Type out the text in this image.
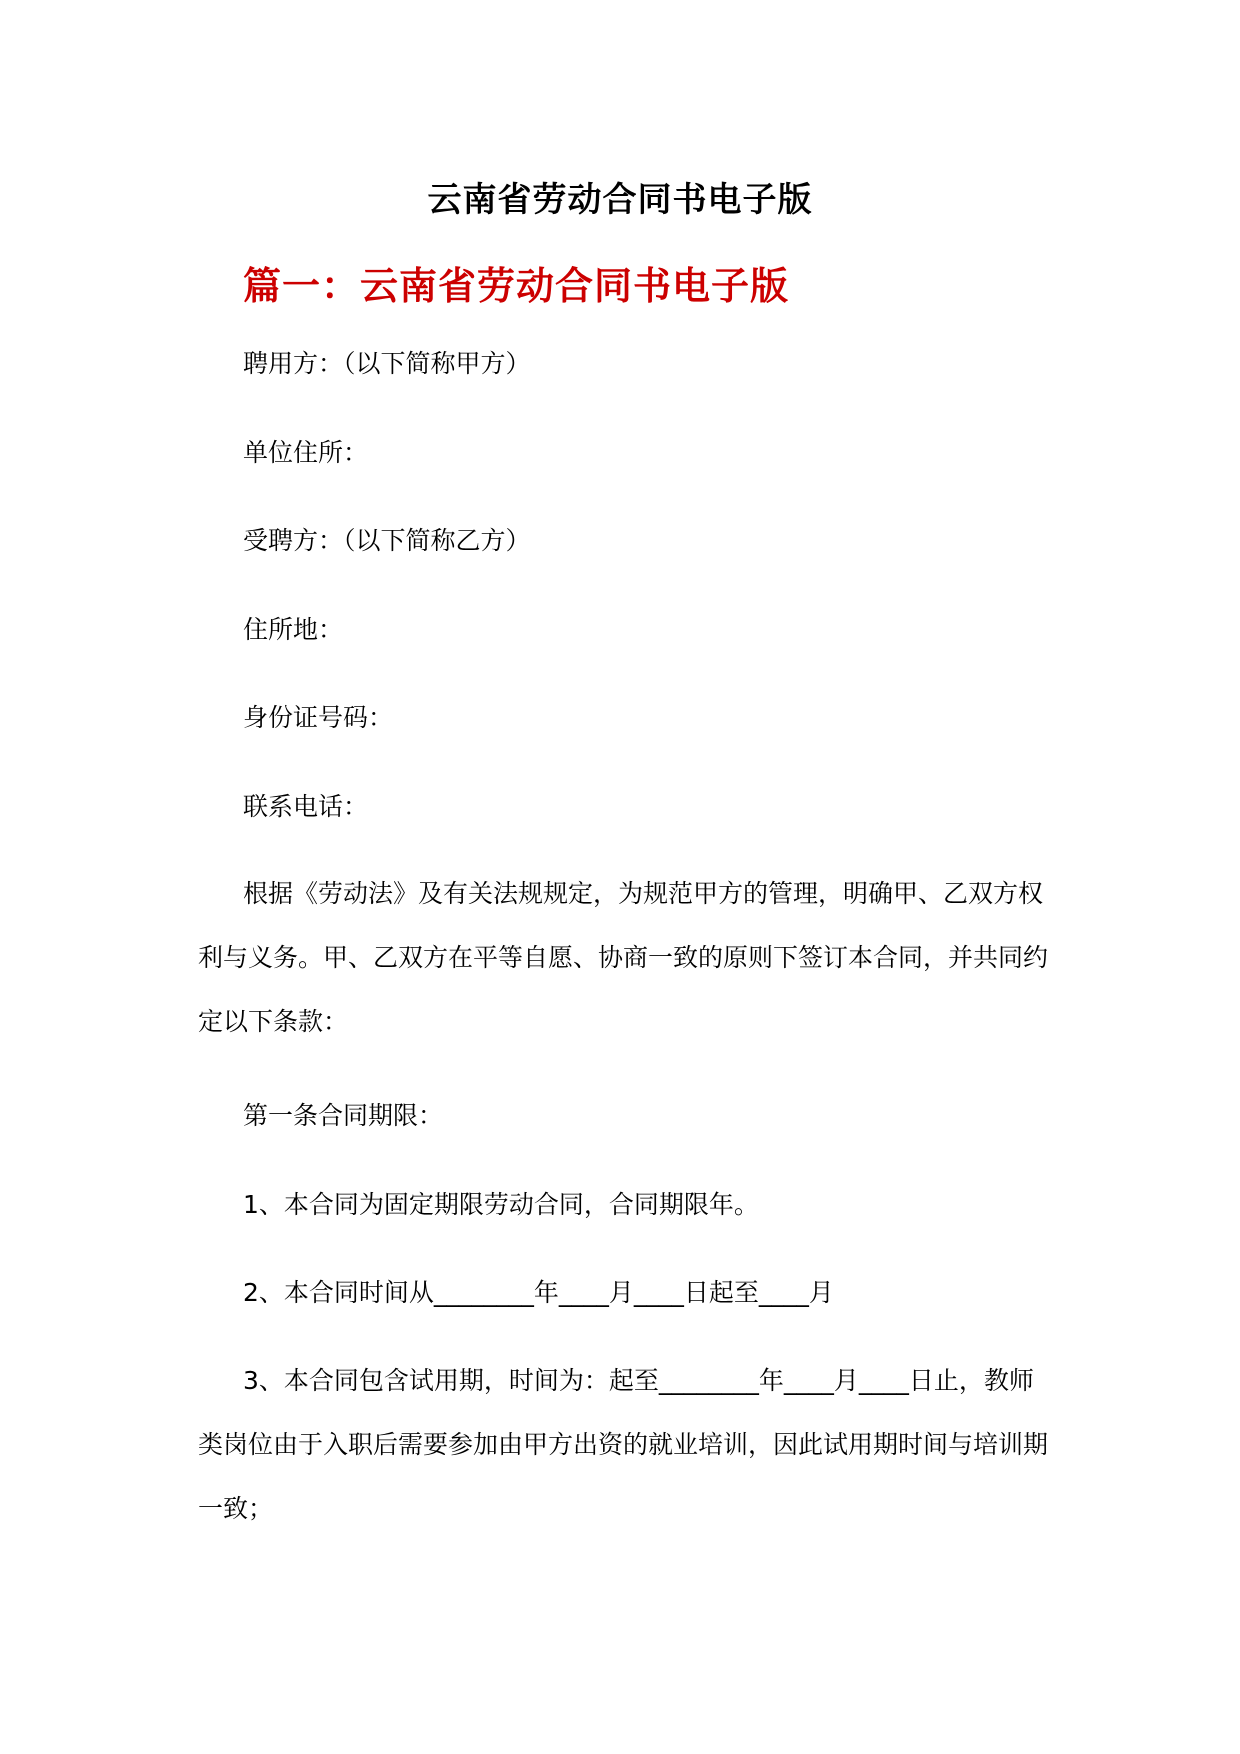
云南省劳动合同书电子版
篇一：云南省劳动合同书电子版

聘用方：（以下简称甲方）

单位住所：

受聘方：（以下简称乙方）

住所地：

身份证号码：

联系电话：

根据《劳动法》及有关法规规定，为规范甲方的管理，明确甲、乙双方权利与义务。甲、乙双方在平等自愿、协商一致的原则下签订本合同，并共同约定以下条款：

第一条合同期限：

1、本合同为固定期限劳动合同，合同期限年。

2、本合同时间从________年____月____日起至____月

3、本合同包含试用期，时间为：起至________年____月____日止，教师类岗位由于入职后需要参加由甲方出资的就业培训，因此试用期时间与培训期一致；
